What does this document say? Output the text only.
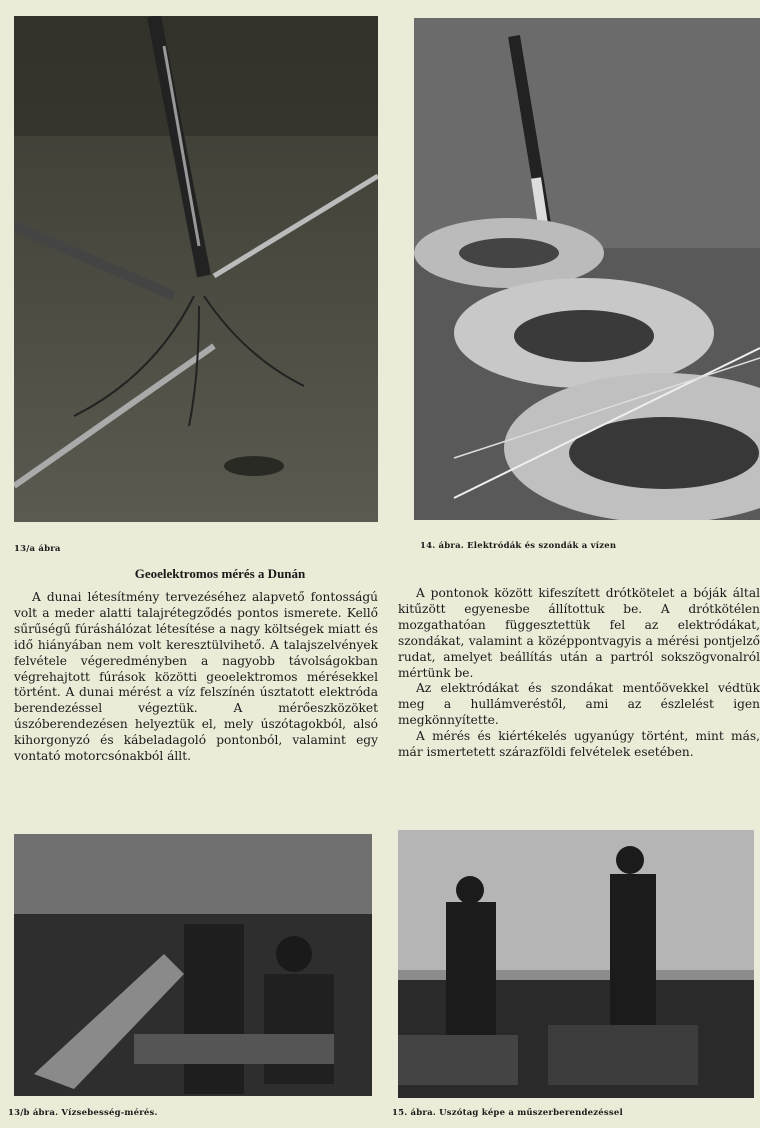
13/a ábra	14. ábra. Elektródák és szondák a vízen
Geoelektromos mérés a Dunán

A dunai létesítmény tervezéséhez alapvető fontosságú volt a meder alatti talajrétegződés pontos ismerete. Kellő sűrűségű fúráshálózat létesítése a nagy költségek miatt és idő hiányában nem volt keresztülvihető. A talajszelvények felvétele végeredményben a nagyobb távolságokban végrehajtott fúrások közötti geoelektromos mérésekkel történt. A dunai mérést a víz felszínén úsztatott elektróda berendezéssel végeztük. A mérőeszközöket úszóberendezésen helyeztük el, mely úszótagokból, alsó kihorgonyzó és kábeladagoló pontonból, valamint egy vontató motorcsónakból állt.

A pontonok között kifeszített drótkötelet a bóják által kitűzött egyenesbe állítottuk be. A drótkötélen mozgathatóan függesztettük fel az elektródákat, szondákat, valamint a középpontvagyis a mérési pontjelző rudat, amelyet beállítás után a partról sokszögvonalról mértünk be.

Az elektródákat és szondákat mentőövekkel védtük meg a hullámveréstől, ami az észlelést igen megkönnyítette.

A mérés és kiértékelés ugyanúgy történt, mint más, már ismertetett szárazföldi felvételek esetében.

13/b ábra. Vízsebesség-mérés.	15. ábra. Uszótag képe a műszerberendezéssel
